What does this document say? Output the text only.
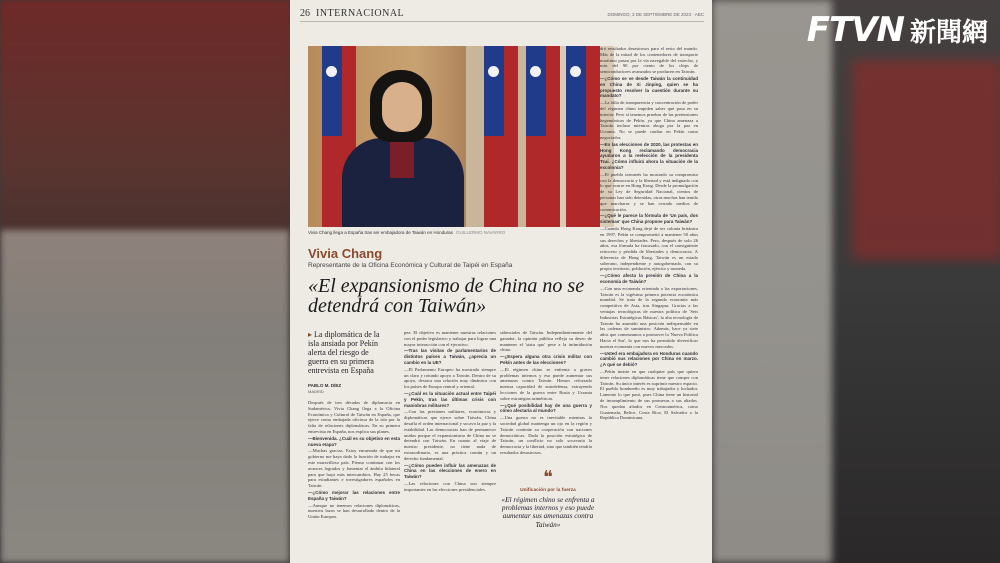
FTVN 新聞網
26 INTERNACIONAL	DOMINGO, 3 DE SEPTIEMBRE DE 2023 · ABC
Vivia Chang llega a España tras ser embajadora de Taiwán en Honduras GUILLERMO NAVARRO
Vivia Chang
Representante de la Oficina Económica y Cultural de Taipéi en España
«El expansionismo de China no se detendrá con Taiwán»
▸ La diplomática de la isla ansiada por Pekín alerta del riesgo de guerra en su primera entrevista en España
PABLO M. DÍEZ
MADRID

Después de tres décadas de diplomacia en Sudamérica, Vivia Chang llega a la Oficina Económica y Cultural de Taiwán en España, que ejerce como embajada oficiosa de la isla por la falta de relaciones diplomáticas. En su primera entrevista en España, nos explica sus planes.

—Bienvenida. ¿Cuál es su objetivo en esta nueva etapa?

—Muchas gracias. Estoy encantada de que mi gobierno me haya dado la función de trabajar en este maravilloso país. Pienso continuar con los avances logrados y fomentar el ámbito bilateral para que haya más intercambios. Hay 25 becas para estudiantes e investigadores españoles en Taiwán.

—¿Cómo mejorar las relaciones entre España y Taiwán?

—Aunque no tenemos relaciones diplomáticas, nuestros lazos se han desarrollado dentro de la Unión Europea.

pea. El objetivo es mantener nuestras relaciones con el poder legislativo y trabajar para lograr una mayor interacción con el ejecutivo.

—Tras las visitas de parlamentarios de distintos países a Taiwán, ¿aprecia un cambio en la UE?

—El Parlamento Europeo ha mostrado siempre un claro y rotundo apoyo a Taiwán. Dentro de su apoyo, destaca una relación muy dinámica con los países de Europa central y oriental.

—¿Cuál es la situación actual entre Taipéi y Pekín, tras las últimas crisis con maniobras militares?

—Con las presiones militares, económicas y diplomáticas que ejerce sobre Taiwán, China desafía el orden internacional y socava la paz y la estabilidad. Las democracias han de permanecer unidas porque el expansionismo de China no se detendrá con Taiwán. En cuanto al viaje de nuestro presidente, no tiene nada de extraordinario, es una práctica común y un derecho fundamental.

—¿Cómo pueden influir las amenazas de China en las elecciones de enero en Taiwán?

—Las relaciones con China son siempre importantes en las elecciones presidenciales.

sidenciales de Taiwán. Independientemente del ganador, la opinión pública refleja su deseo de mantener el 'statu quo' pese a la intimidación china.

—¿Espera alguna otra crisis militar con Pekín antes de las elecciones?

—El régimen chino se enfrenta a graves problemas internos y eso puede aumentar sus amenazas contra Taiwán. Hemos reforzado nuestra capacidad de autodefensa, extrayendo lecciones de la guerra entre Rusia y Ucrania sobre estrategias asimétricas.

—¿Qué posibilidad hay de una guerra y cómo afectaría al mundo?

—Una guerra no es inevitable mientras la sociedad global mantenga un ojo en la región y Taiwán continúe su cooperación con naciones democráticas. Dada la posición estratégica de Taiwán, un conflicto no solo socavaría la democracia y la libertad, sino que también tendría resultados desastrosos.

drá resultados desastrosos para el resto del mundo. Más de la mitad de los contenedores de transporte marítimo pasan por la vía navegable del estrecho, y más del 90 por ciento de los chips de semiconductores avanzados se producen en Taiwán.

—¿Cómo se ve desde Taiwán la continuidad en China de Xi Jinping, quien se ha propuesto resolver la cuestión durante su mandato?

—La falta de transparencia y concentración de poder del régimen chino impiden saber qué pasa en su interior. Pero sí tenemos pruebas de las pretensiones hegemónicas de Pekín, ya que China amenaza a Taiwán incluso mientras aboga por la paz en Ucrania. No se puede confiar en Pekín como negociador.

—En las elecciones de 2020, las protestas en Hong Kong reclamando democracia ayudaron a la reelección de la presidenta Tsai. ¿Cómo influirá ahora la situación de la excolonia?

—El pueblo taiwanés ha mostrado su compromiso con la democracia y la libertad y está indignado con lo que ocurre en Hong Kong. Desde la promulgación de su Ley de Seguridad Nacional, cientos de personas han sido detenidas, otras muchas han tenido que marcharse y se han cerrado medios de comunicación.

—¿Qué le parece la fórmula de 'Un país, dos sistemas' que China propone para Taiwán?

—Cuando Hong Kong dejó de ser colonia británica en 1997, Pekín se comprometió a mantener 50 años sus derechos y libertades. Pero, después de solo 26 años, esa fórmula ha fracasado, con el consiguiente retroceso y pérdida de libertades y democracia. A diferencia de Hong Kong, Taiwán es un estado soberano, independiente y autogobernado, con su propio territorio, población, ejército y moneda.

—¿Cómo afecta la presión de China a la economía de Taiwán?

—Con una economía orientada a las exportaciones, Taiwán es la vigésima primera potencia económica mundial. Se trata de la segunda economía más competitiva de Asia, tras Singapur. Gracias a las ventajas tecnológicas de nuestra política de 'Seis Industrias Estratégicas Básicas', la alta tecnología de Taiwán ha asumido una posición indispensable en las cadenas de suministro. Además, hace ya siete años que comenzamos a promover la 'Nueva Política Hacia el Sur', lo que nos ha permitido diversificar nuestra economía con nuevos mercados.

—Usted era embajadora en Honduras cuando cambió sus relaciones por China en marzo. ¿A qué se debió?

—Pekín insiste en que cualquier país que quiera tener relaciones diplomáticas tiene que romper con Taiwán. Su único interés es suprimir nuestro espacio. El pueblo hondureño es muy trabajador y luchador. Lamento lo que pasó, pues China tiene un historial de incumplimiento de sus promesas a sus aliados. Nos quedan aliados en Centroamérica, como Guatemala, Belice, Costa Rica, El Salvador o la República Dominicana.

❝
Unificación por la fuerza
«El régimen chino se enfrenta a problemas internos y eso puede aumentar sus amenazas contra Taiwán»
